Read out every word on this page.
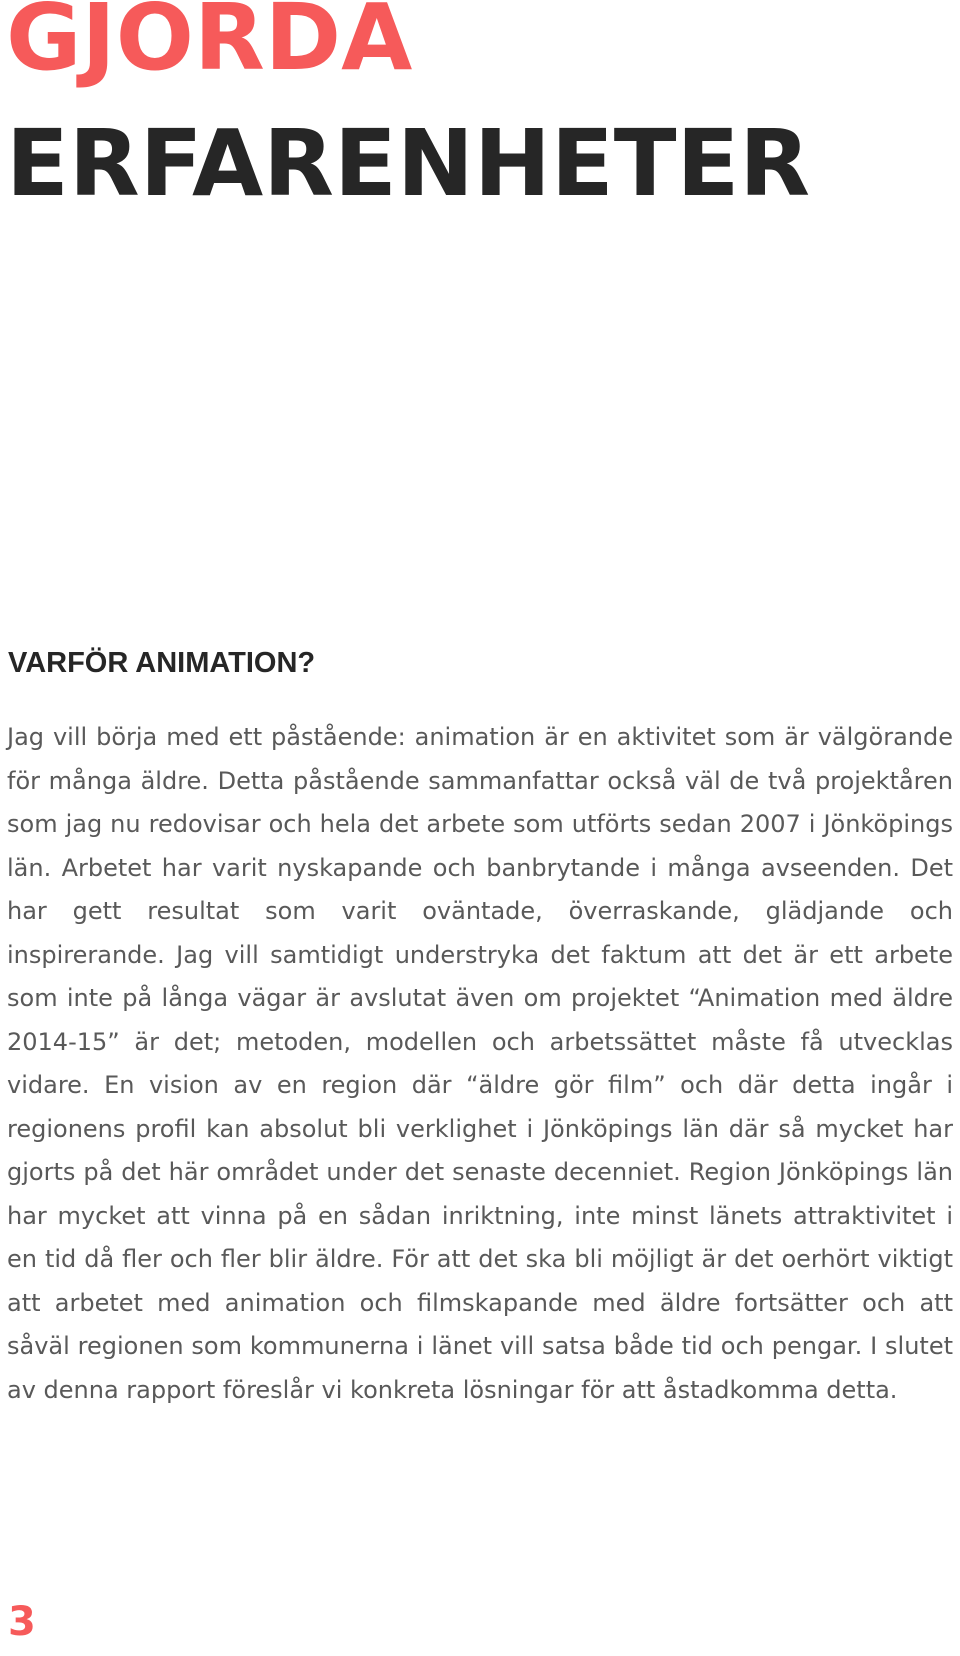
GJORDA
ERFARENHETER
VARFÖR ANIMATION?

Jag vill börja med ett påstående: animation är en aktivitet som är välgörande för många äldre. Detta påstående sammanfattar också väl de två projektåren som jag nu redovisar och hela det arbete som utförts sedan 2007 i Jönköpings län. Arbetet har varit nyskapande och banbrytande i många avseenden. Det har gett resultat som varit oväntade, överraskande, glädjande och inspirerande. Jag vill samtidigt understryka det faktum att det är ett arbete som inte på långa vägar är avslutat även om projektet “Animation med äldre 2014-15” är det; metoden, modellen och arbetssättet måste få utvecklas vidare. En vision av en region där “äldre gör film” och där detta ingår i regionens profil kan absolut bli verklighet i Jönköpings län där så mycket har gjorts på det här området under det senaste decenniet. Region Jönköpings län har mycket att vinna på en sådan inriktning, inte minst länets attraktivitet i en tid då fler och fler blir äldre. För att det ska bli möjligt är det oerhört viktigt att arbetet med animation och filmskapande med äldre fortsätter och att såväl regionen som kommunerna i länet vill satsa både tid och pengar. I slutet av denna rapport föreslår vi konkreta lösningar för att åstadkomma detta.

3
